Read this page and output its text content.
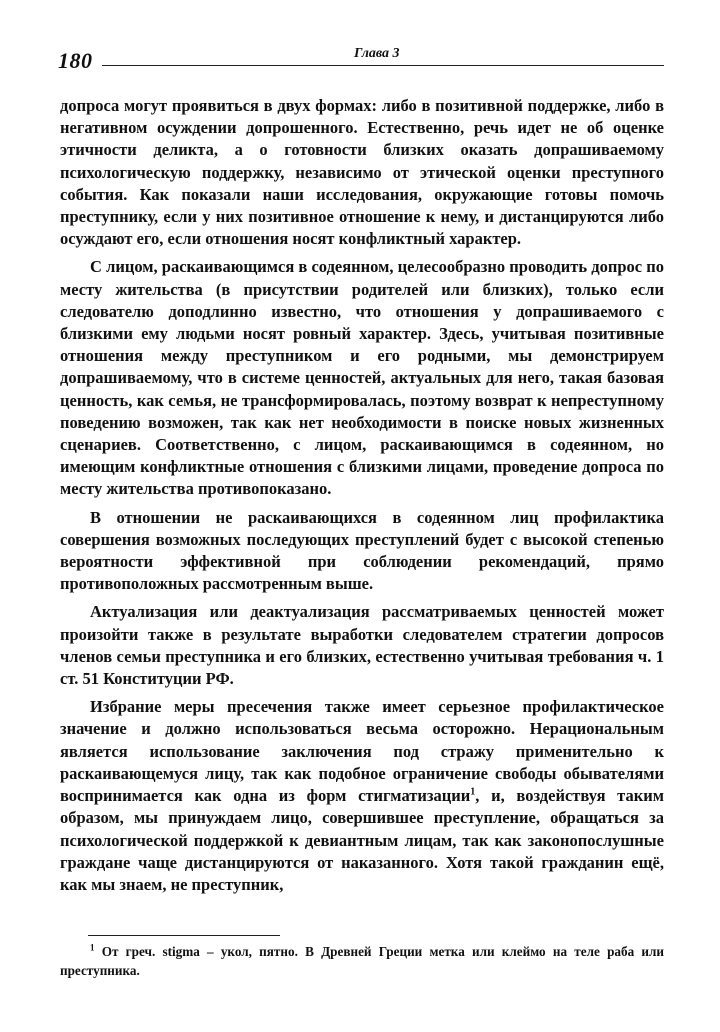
180	Глава 3

допроса могут проявиться в двух формах: либо в позитивной поддержке, либо в негативном осуждении допрошенного. Естественно, речь идет не об оценке этичности деликта, а о готовности близких оказать допрашиваемому психологическую поддержку, независимо от этической оценки преступного события. Как показали наши исследования, окружающие готовы помочь преступнику, если у них позитивное отношение к нему, и дистанцируются либо осуждают его, если отношения носят конфликтный характер.

С лицом, раскаивающимся в содеянном, целесообразно проводить допрос по месту жительства (в присутствии родителей или близких), только если следователю доподлинно известно, что отношения у допрашиваемого с близкими ему людьми носят ровный характер. Здесь, учитывая позитивные отношения между преступником и его родными, мы демонстрируем допрашиваемому, что в системе ценностей, актуальных для него, такая базовая ценность, как семья, не трансформировалась, поэтому возврат к непреступному поведению возможен, так как нет необходимости в поиске новых жизненных сценариев. Соответственно, с лицом, раскаивающимся в содеянном, но имеющим конфликтные отношения с близкими лицами, проведение допроса по месту жительства противопоказано.

В отношении не раскаивающихся в содеянном лиц профилактика совершения возможных последующих преступлений будет с высокой степенью вероятности эффективной при соблюдении рекомендаций, прямо противоположных рассмотренным выше.

Актуализация или деактуализация рассматриваемых ценностей может произойти также в результате выработки следователем стратегии допросов членов семьи преступника и его близких, естественно учитывая требования ч. 1 ст. 51 Конституции РФ.

Избрание меры пресечения также имеет серьезное профилактическое значение и должно использоваться весьма осторожно. Нерациональным является использование заключения под стражу применительно к раскаивающемуся лицу, так как подобное ограничение свободы обывателями воспринимается как одна из форм стигматизации$^1$, и, воздействуя таким образом, мы принуждаем лицо, совершившее преступление, обращаться за психологической поддержкой к девиантным лицам, так как законопослушные граждане чаще дистанцируются от наказанного. Хотя такой гражданин ещё, как мы знаем, не преступник,

$^1$ От греч. stigma – укол, пятно. В Древней Греции метка или клеймо на теле раба или преступника.
